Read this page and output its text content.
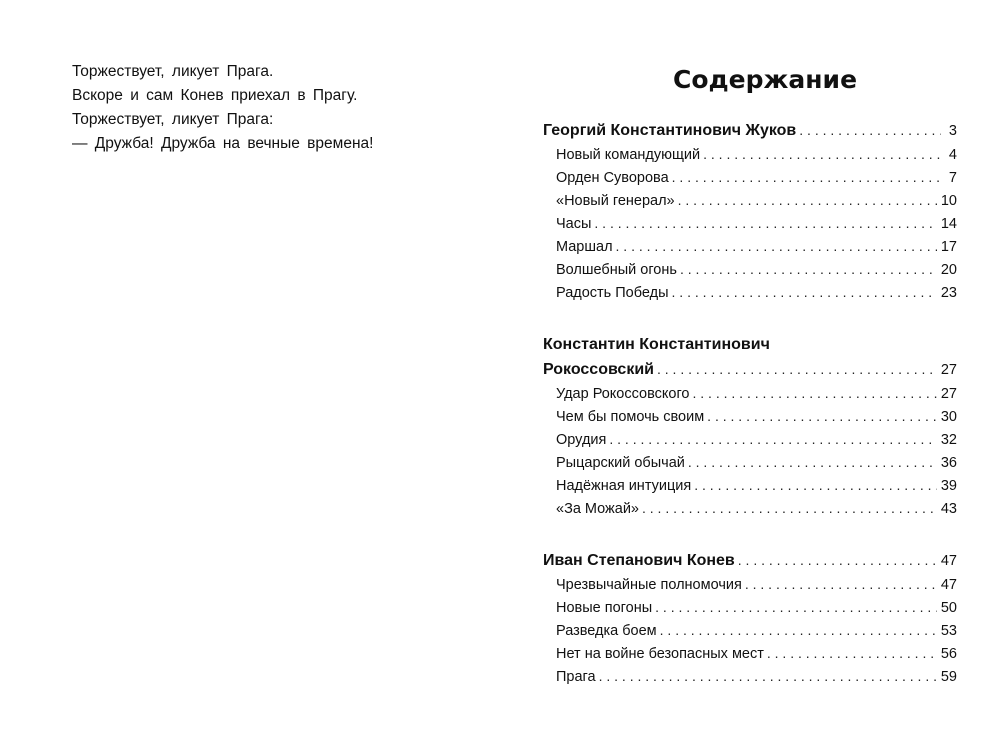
Торжествует, ликует Прага.
Вскоре и сам Конев приехал в Прагу.
Торжествует, ликует Прага:
— Дружба! Дружба на вечные времена!
Содержание
Георгий Константинович Жуков . . .	3
Новый командующий . . .	4
Орден Суворова . . .	7
«Новый генерал» . . .	10
Часы . . .	14
Маршал . . .	17
Волшебный огонь . . .	20
Радость Победы . . .	23
Константин Константинович
Рокоссовский . . .	27
Удар Рокоссовского . . .	27
Чем бы помочь своим . . .	30
Орудия . . .	32
Рыцарский обычай . . .	36
Надёжная интуиция . . .	39
«За Можай» . . .	43
Иван Степанович Конев . . .	47
Чрезвычайные полномочия . . .	47
Новые погоны . . .	50
Разведка боем . . .	53
Нет на войне безопасных мест . . .	56
Прага . . .	59
